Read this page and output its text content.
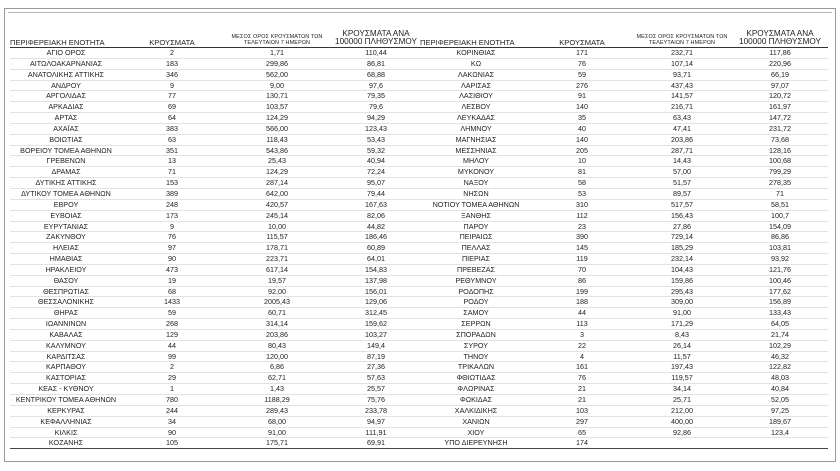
ΠΕΡΙΦΕΡΕΙΑΚΗ ΕΝΟΤΗΤΑ	ΚΡΟΥΣΜΑΤΑ	ΜΕΣΟΣ ΟΡΟΣ ΚΡΟΥΣΜΑΤΩΝ ΤΩΝ ΤΕΛΕΥΤΑΙΩΝ 7 ΗΜΕΡΩΝ	ΚΡΟΥΣΜΑΤΑ ΑΝΑ 100000 ΠΛΗΘΥΣΜΟΥ
ΑΓΙΟ ΟΡΟΣ	2	1,71	110,44
ΑΙΤΩΛΟΑΚΑΡΝΑΝΙΑΣ	183	299,86	86,81
ΑΝΑΤΟΛΙΚΗΣ ΑΤΤΙΚΗΣ	346	562,00	68,88
ΑΝΔΡΟΥ	9	9,00	97,6
ΑΡΓΟΛΙΔΑΣ	77	130,71	79,35
ΑΡΚΑΔΙΑΣ	69	103,57	79,6
ΑΡΤΑΣ	64	124,29	94,29
ΑΧΑΪΑΣ	383	566,00	123,43
ΒΟΙΩΤΙΑΣ	63	118,43	53,43
ΒΟΡΕΙΟΥ ΤΟΜΕΑ ΑΘΗΝΩΝ	351	543,86	59,32
ΓΡΕΒΕΝΩΝ	13	25,43	40,94
ΔΡΑΜΑΣ	71	124,29	72,24
ΔΥΤΙΚΗΣ ΑΤΤΙΚΗΣ	153	287,14	95,07
ΔΥΤΙΚΟΥ ΤΟΜΕΑ ΑΘΗΝΩΝ	389	642,00	79,44
ΕΒΡΟΥ	248	420,57	167,63
ΕΥΒΟΙΑΣ	173	245,14	82,06
ΕΥΡΥΤΑΝΙΑΣ	9	10,00	44,82
ΖΑΚΥΝΘΟΥ	76	115,57	186,46
ΗΛΕΙΑΣ	97	178,71	60,89
ΗΜΑΘΙΑΣ	90	223,71	64,01
ΗΡΑΚΛΕΙΟΥ	473	617,14	154,83
ΘΑΣΟΥ	19	19,57	137,98
ΘΕΣΠΡΩΤΙΑΣ	68	92,00	156,01
ΘΕΣΣΑΛΟΝΙΚΗΣ	1433	2005,43	129,06
ΘΗΡΑΣ	59	60,71	312,45
ΙΩΑΝΝΙΝΩΝ	268	314,14	159,62
ΚΑΒΑΛΑΣ	129	203,86	103,27
ΚΑΛΥΜΝΟΥ	44	80,43	149,4
ΚΑΡΔΙΤΣΑΣ	99	120,00	87,19
ΚΑΡΠΑΘΟΥ	2	6,86	27,36
ΚΑΣΤΟΡΙΑΣ	29	62,71	57,63
ΚΕΑΣ - ΚΥΘΝΟΥ	1	1,43	25,57
ΚΕΝΤΡΙΚΟΥ ΤΟΜΕΑ ΑΘΗΝΩΝ	780	1188,29	75,76
ΚΕΡΚΥΡΑΣ	244	289,43	233,78
ΚΕΦΑΛΛΗΝΙΑΣ	34	68,00	94,97
ΚΙΛΚΙΣ	90	91,00	111,91
ΚΟΖΑΝΗΣ	105	175,71	69,91
ΠΕΡΙΦΕΡΕΙΑΚΗ ΕΝΟΤΗΤΑ	ΚΡΟΥΣΜΑΤΑ	ΜΕΣΟΣ ΟΡΟΣ ΚΡΟΥΣΜΑΤΩΝ ΤΩΝ ΤΕΛΕΥΤΑΙΩΝ 7 ΗΜΕΡΩΝ	ΚΡΟΥΣΜΑΤΑ ΑΝΑ 100000 ΠΛΗΘΥΣΜΟΥ
ΚΟΡΙΝΘΙΑΣ	171	232,71	117,86
ΚΩ	76	107,14	220,96
ΛΑΚΩΝΙΑΣ	59	93,71	66,19
ΛΑΡΙΣΑΣ	276	437,43	97,07
ΛΑΣΙΘΙΟΥ	91	141,57	120,72
ΛΕΣΒΟΥ	140	216,71	161,97
ΛΕΥΚΑΔΑΣ	35	63,43	147,72
ΛΗΜΝΟΥ	40	47,41	231,72
ΜΑΓΝΗΣΙΑΣ	140	203,86	73,68
ΜΕΣΣΗΝΙΑΣ	205	287,71	128,16
ΜΗΛΟΥ	10	14,43	100,68
ΜΥΚΟΝΟΥ	81	57,00	799,29
ΝΑΞΟΥ	58	51,57	278,35
ΝΗΣΩΝ	53	89,57	71
ΝΟΤΙΟΥ ΤΟΜΕΑ ΑΘΗΝΩΝ	310	517,57	58,51
ΞΑΝΘΗΣ	112	156,43	100,7
ΠΑΡΟΥ	23	27,86	154,09
ΠΕΙΡΑΙΩΣ	390	729,14	86,86
ΠΕΛΛΑΣ	145	185,29	103,81
ΠΙΕΡΙΑΣ	119	232,14	93,92
ΠΡΕΒΕΖΑΣ	70	104,43	121,76
ΡΕΘΥΜΝΟΥ	86	159,86	100,46
ΡΟΔΟΠΗΣ	199	295,43	177,62
ΡΟΔΟΥ	188	309,00	156,89
ΣΑΜΟΥ	44	91,00	133,43
ΣΕΡΡΩΝ	113	171,29	64,05
ΣΠΟΡΑΔΩΝ	3	8,43	21,74
ΣΥΡΟΥ	22	26,14	102,29
ΤΗΝΟΥ	4	11,57	46,32
ΤΡΙΚΑΛΩΝ	161	197,43	122,82
ΦΘΙΩΤΙΔΑΣ	76	119,57	48,03
ΦΛΩΡΙΝΑΣ	21	34,14	40,84
ΦΩΚΙΔΑΣ	21	25,71	52,05
ΧΑΛΚΙΔΙΚΗΣ	103	212,00	97,25
ΧΑΝΙΩΝ	297	400,00	189,67
ΧΙΟΥ	65	92,86	123,4
ΥΠΟ ΔΙΕΡΕΥΝΗΣΗ	174		
